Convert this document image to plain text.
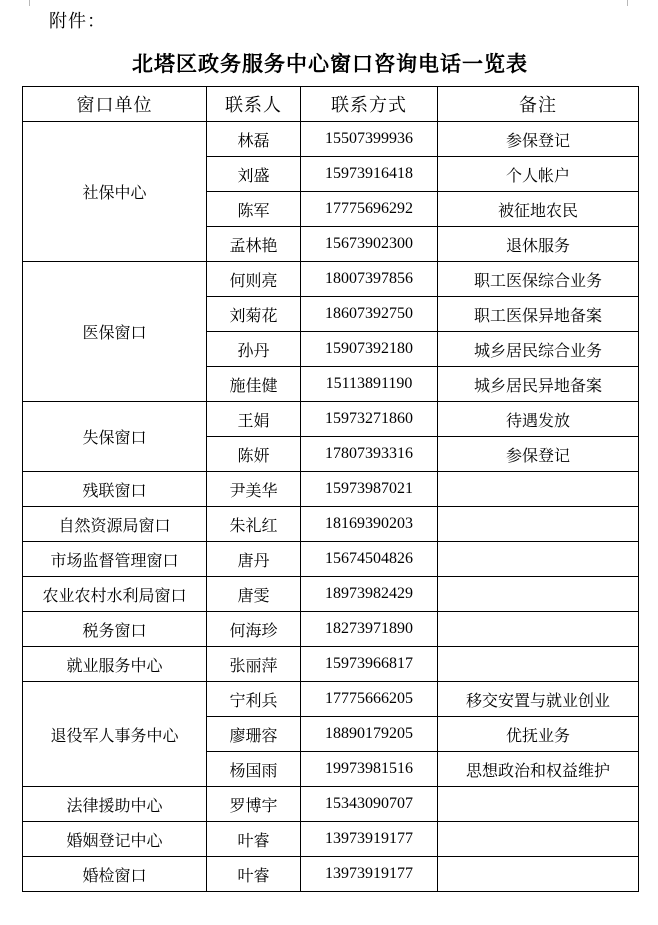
附件：
北塔区政务服务中心窗口咨询电话一览表
窗口单位	联系人	联系方式	备注
社保中心	林磊	15507399936	参保登记
	刘盛	15973916418	个人帐户
	陈军	17775696292	被征地农民
	孟林艳	15673902300	退休服务
医保窗口	何则亮	18007397856	职工医保综合业务
	刘菊花	18607392750	职工医保异地备案
	孙丹	15907392180	城乡居民综合业务
	施佳健	15113891190	城乡居民异地备案
失保窗口	王娟	15973271860	待遇发放
	陈妍	17807393316	参保登记
残联窗口	尹美华	15973987021	
自然资源局窗口	朱礼红	18169390203	
市场监督管理窗口	唐丹	15674504826	
农业农村水利局窗口	唐雯	18973982429	
税务窗口	何海珍	18273971890	
就业服务中心	张丽萍	15973966817	
退役军人事务中心	宁利兵	17775666205	移交安置与就业创业
	廖珊容	18890179205	优抚业务
	杨国雨	19973981516	思想政治和权益维护
法律援助中心	罗博宇	15343090707	
婚姻登记中心	叶睿	13973919177	
婚检窗口	叶睿	13973919177	
